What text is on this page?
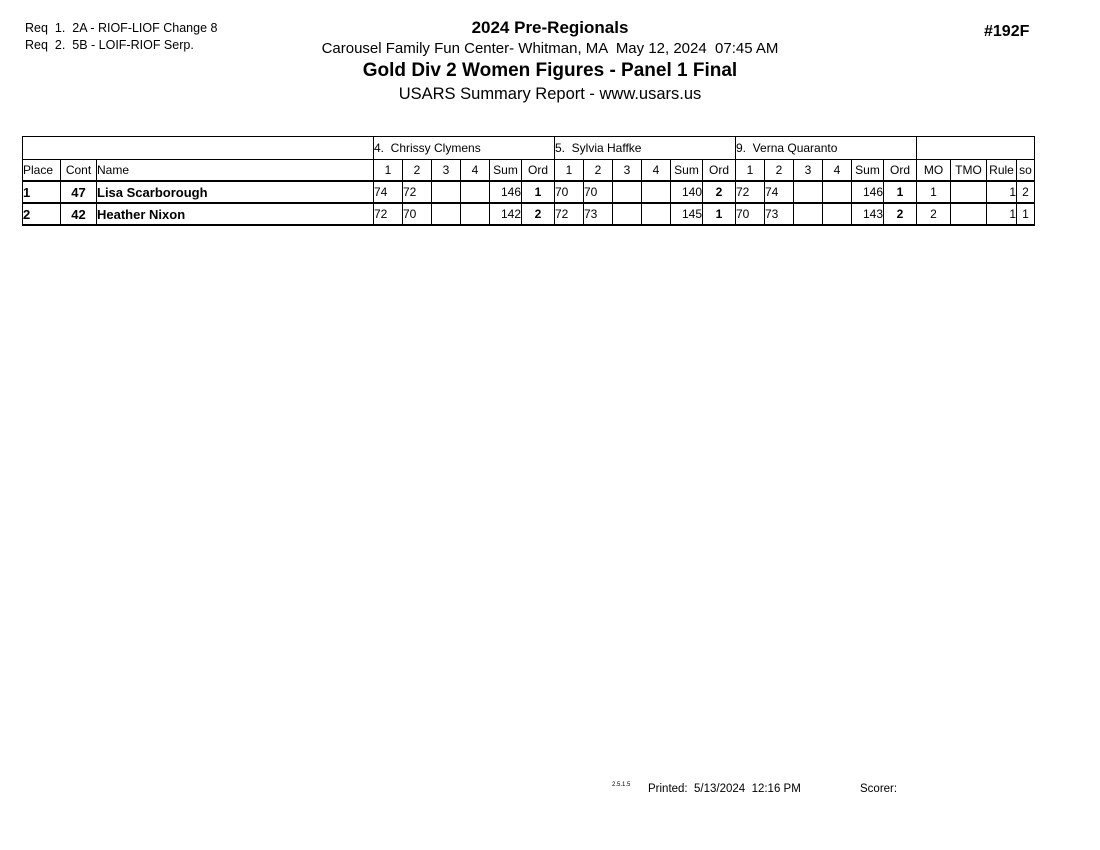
Req  1.  2A - RIOF-LIOF Change 8
Req  2.  5B - LOIF-RIOF Serp.
2024 Pre-Regionals
Carousel Family Fun Center- Whitman, MA  May 12, 2024  07:45 AM
Gold Div 2 Women Figures - Panel 1 Final
USARS Summary Report - www.usars.us
#192F
			4.  Chrissy Clymens						5.  Sylvia Haffke						9.  Verna Quaranto									
Place	Cont	Name	1	2	3	4	Sum	Ord	1	2	3	4	Sum	Ord	1	2	3	4	Sum	Ord	MO	TMO	Rule	so
1	47	Lisa Scarborough	74	72			146	1	70	70			140	2	72	74			146	1	1		1	2
2	42	Heather Nixon	72	70			142	2	72	73			145	1	70	73			143	2	2		1	1
2.5.1.5 Printed:  5/13/2024  12:16 PM	Scorer:
